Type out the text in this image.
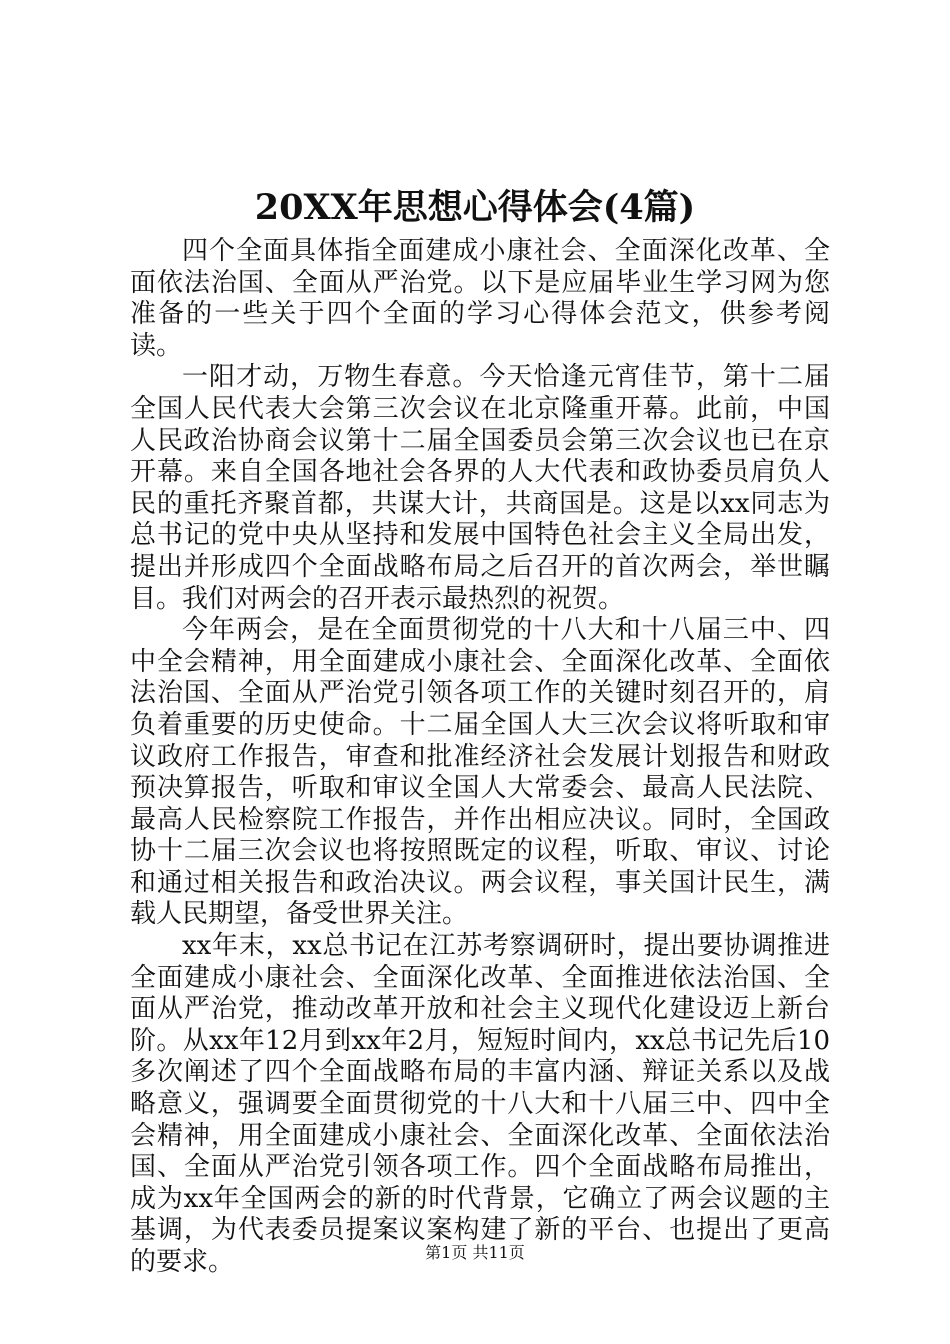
20XX年思想心得体会(4篇)

四个全面具体指全面建成小康社会、全面深化改革、全面依法治国、全面从严治党。以下是应届毕业生学习网为您准备的一些关于四个全面的学习心得体会范文，供参考阅读。

一阳才动，万物生春意。今天恰逢元宵佳节，第十二届全国人民代表大会第三次会议在北京隆重开幕。此前，中国人民政治协商会议第十二届全国委员会第三次会议也已在京开幕。来自全国各地社会各界的人大代表和政协委员肩负人民的重托齐聚首都，共谋大计，共商国是。这是以xx同志为总书记的党中央从坚持和发展中国特色社会主义全局出发，提出并形成四个全面战略布局之后召开的首次两会，举世瞩目。我们对两会的召开表示最热烈的祝贺。

今年两会，是在全面贯彻党的十八大和十八届三中、四中全会精神，用全面建成小康社会、全面深化改革、全面依法治国、全面从严治党引领各项工作的关键时刻召开的，肩负着重要的历史使命。十二届全国人大三次会议将听取和审议政府工作报告，审查和批准经济社会发展计划报告和财政预决算报告，听取和审议全国人大常委会、最高人民法院、最高人民检察院工作报告，并作出相应决议。同时，全国政协十二届三次会议也将按照既定的议程，听取、审议、讨论和通过相关报告和政治决议。两会议程，事关国计民生，满载人民期望，备受世界关注。

xx年末，xx总书记在江苏考察调研时，提出要协调推进全面建成小康社会、全面深化改革、全面推进依法治国、全面从严治党，推动改革开放和社会主义现代化建设迈上新台阶。从xx年12月到xx年2月，短短时间内，xx总书记先后10多次阐述了四个全面战略布局的丰富内涵、辩证关系以及战略意义，强调要全面贯彻党的十八大和十八届三中、四中全会精神，用全面建成小康社会、全面深化改革、全面依法治国、全面从严治党引领各项工作。四个全面战略布局推出，成为xx年全国两会的新的时代背景，它确立了两会议题的主基调，为代表委员提案议案构建了新的平台、也提出了更高的要求。	第1页 共11页
